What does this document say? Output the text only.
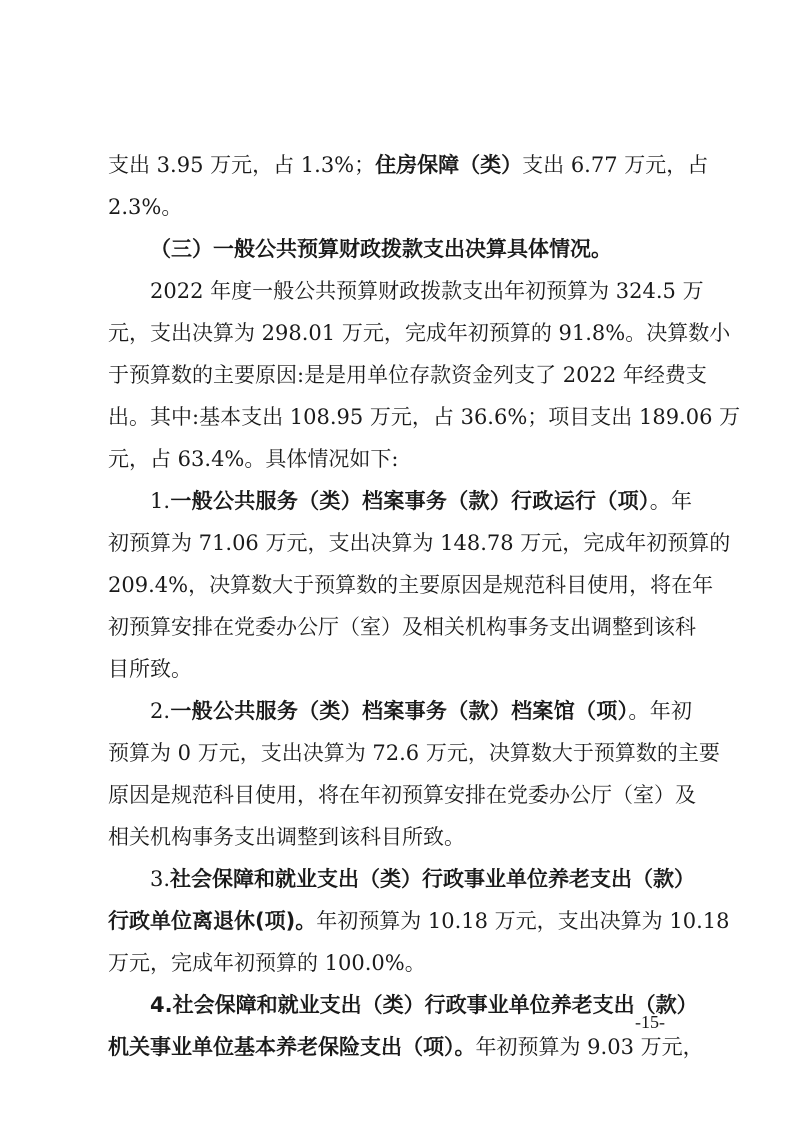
支出 3.95 万元，占 1.3%；住房保障（类）支出 6.77 万元，占
2.3%。
（三）一般公共预算财政拨款支出决算具体情况。
2022 年度一般公共预算财政拨款支出年初预算为 324.5 万
元，支出决算为 298.01 万元，完成年初预算的 91.8%。决算数小
于预算数的主要原因:是是用单位存款资金列支了 2022 年经费支
出。其中:基本支出 108.95 万元，占 36.6%；项目支出 189.06 万
元，占 63.4%。具体情况如下:
1.一般公共服务（类）档案事务（款）行政运行（项）。年
初预算为 71.06 万元，支出决算为 148.78 万元，完成年初预算的
209.4%，决算数大于预算数的主要原因是规范科目使用，将在年
初预算安排在党委办公厅（室）及相关机构事务支出调整到该科
目所致。
2.一般公共服务（类）档案事务（款）档案馆（项）。年初
预算为 0 万元，支出决算为 72.6 万元，决算数大于预算数的主要
原因是规范科目使用，将在年初预算安排在党委办公厅（室）及
相关机构事务支出调整到该科目所致。
3.社会保障和就业支出（类）行政事业单位养老支出（款）
行政单位离退休(项)。年初预算为 10.18 万元，支出决算为 10.18
万元，完成年初预算的 100.0%。
4.社会保障和就业支出（类）行政事业单位养老支出（款）
机关事业单位基本养老保险支出（项）。年初预算为 9.03 万元，
-15-
